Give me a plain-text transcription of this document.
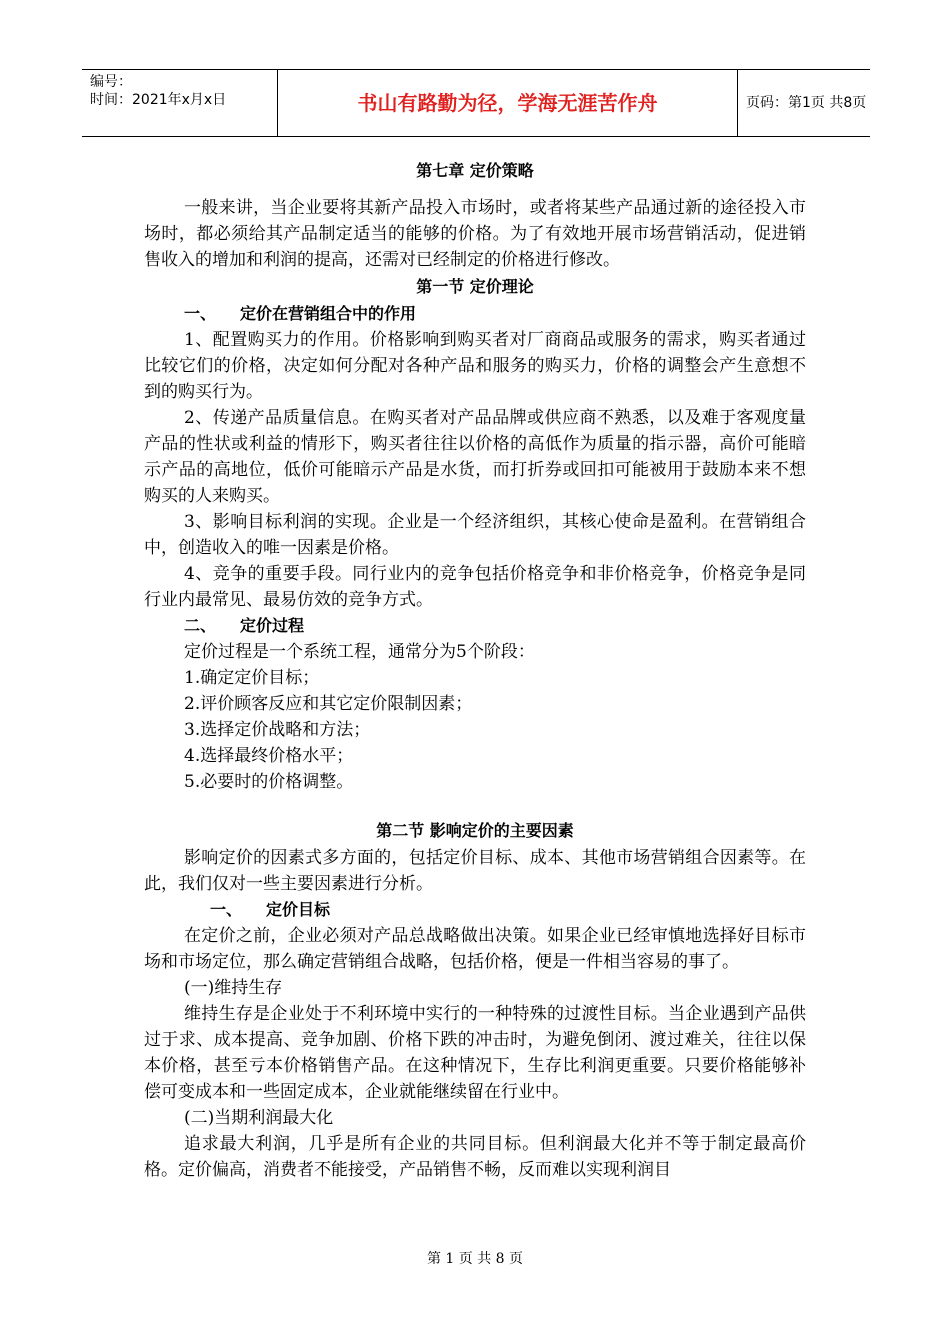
编号：
时间：2021年x月x日	书山有路勤为径，学海无涯苦作舟	页码：第1页 共8页
第七章 定价策略

一般来讲，当企业要将其新产品投入市场时，或者将某些产品通过新的途径投入市场时，都必须给其产品制定适当的能够的价格。为了有效地开展市场营销活动，促进销售收入的增加和利润的提高，还需对已经制定的价格进行修改。

第一节 定价理论
一、 定价在营销组合中的作用

1、配置购买力的作用。价格影响到购买者对厂商商品或服务的需求，购买者通过比较它们的价格，决定如何分配对各种产品和服务的购买力，价格的调整会产生意想不到的购买行为。

2、传递产品质量信息。在购买者对产品品牌或供应商不熟悉，以及难于客观度量产品的性状或利益的情形下，购买者往往以价格的高低作为质量的指示器，高价可能暗示产品的高地位，低价可能暗示产品是水货，而打折券或回扣可能被用于鼓励本来不想购买的人来购买。

3、影响目标利润的实现。企业是一个经济组织，其核心使命是盈利。在营销组合中，创造收入的唯一因素是价格。

4、竞争的重要手段。同行业内的竞争包括价格竞争和非价格竞争，价格竞争是同行业内最常见、最易仿效的竞争方式。

二、 定价过程

定价过程是一个系统工程，通常分为5个阶段：

1.确定定价目标；

2.评价顾客反应和其它定价限制因素；

3.选择定价战略和方法；

4.选择最终价格水平；

5.必要时的价格调整。

第二节 影响定价的主要因素

影响定价的因素式多方面的，包括定价目标、成本、其他市场营销组合因素等。在此，我们仅对一些主要因素进行分析。

一、 定价目标

在定价之前，企业必须对产品总战略做出决策。如果企业已经审慎地选择好目标市场和市场定位，那么确定营销组合战略，包括价格，便是一件相当容易的事了。

(一)维持生存

维持生存是企业处于不利环境中实行的一种特殊的过渡性目标。当企业遇到产品供过于求、成本提高、竞争加剧、价格下跌的冲击时，为避免倒闭、渡过难关，往往以保本价格，甚至亏本价格销售产品。在这种情况下，生存比利润更重要。只要价格能够补偿可变成本和一些固定成本，企业就能继续留在行业中。

(二)当期利润最大化

追求最大利润，几乎是所有企业的共同目标。但利润最大化并不等于制定最高价格。定价偏高，消费者不能接受，产品销售不畅，反而难以实现利润目

第 1 页 共 8 页
